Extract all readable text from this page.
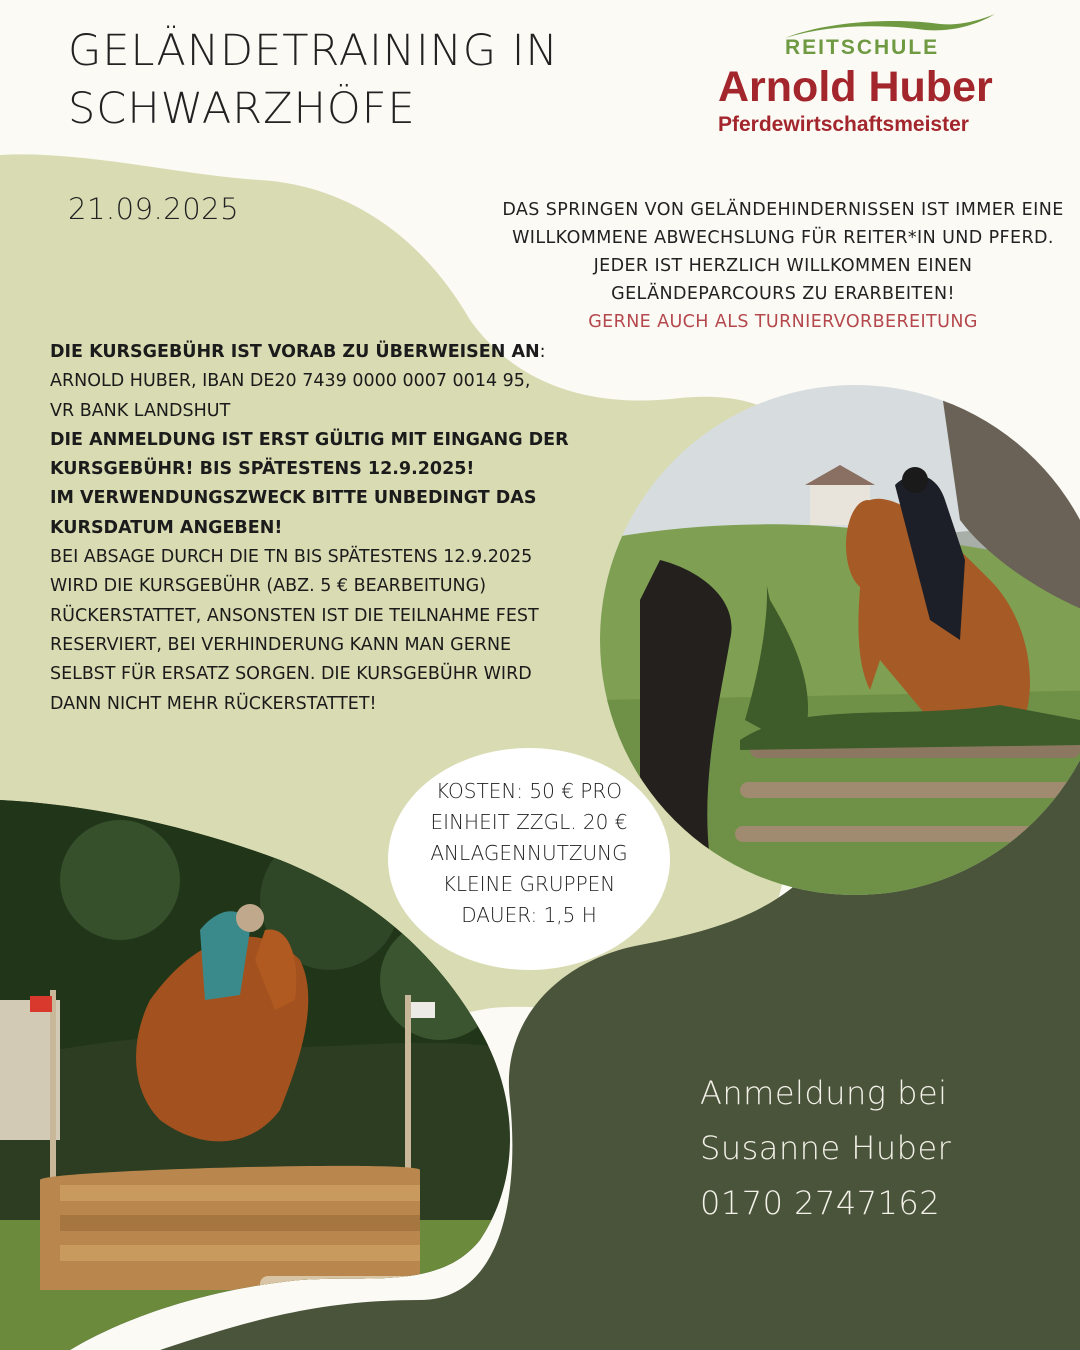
GELÄNDETRAINING IN
SCHWARZHÖFE
21.09.2025
REITSCHULE
Arnold Huber
Pferdewirtschaftsmeister
DAS SPRINGEN VON GELÄNDEHINDERNISSEN IST IMMER EINE
WILLKOMMENE ABWECHSLUNG FÜR REITER*IN UND PFERD.
JEDER IST HERZLICH WILLKOMMEN EINEN
GELÄNDEPARCOURS ZU ERARBEITEN!
GERNE AUCH ALS TURNIERVORBEREITUNG
DIE KURSGEBÜHR IST VORAB ZU ÜBERWEISEN AN:
ARNOLD HUBER, IBAN DE20 7439 0000 0007 0014 95,
VR BANK LANDSHUT
DIE ANMELDUNG IST ERST GÜLTIG MIT EINGANG DER
KURSGEBÜHR! BIS SPÄTESTENS 12.9.2025!
IM VERWENDUNGSZWECK BITTE UNBEDINGT DAS
KURSDATUM ANGEBEN!
BEI ABSAGE DURCH DIE TN BIS SPÄTESTENS 12.9.2025
WIRD DIE KURSGEBÜHR (ABZ. 5 € BEARBEITUNG)
RÜCKERSTATTET, ANSONSTEN IST DIE TEILNAHME FEST
RESERVIERT, BEI VERHINDERUNG KANN MAN GERNE
SELBST FÜR ERSATZ SORGEN. DIE KURSGEBÜHR WIRD
DANN NICHT MEHR RÜCKERSTATTET!
KOSTEN: 50 € PRO
EINHEIT ZZGL. 20 €
ANLAGENNUTZUNG
KLEINE GRUPPEN
DAUER: 1,5 H
Anmeldung bei
Susanne Huber
0170 2747162
